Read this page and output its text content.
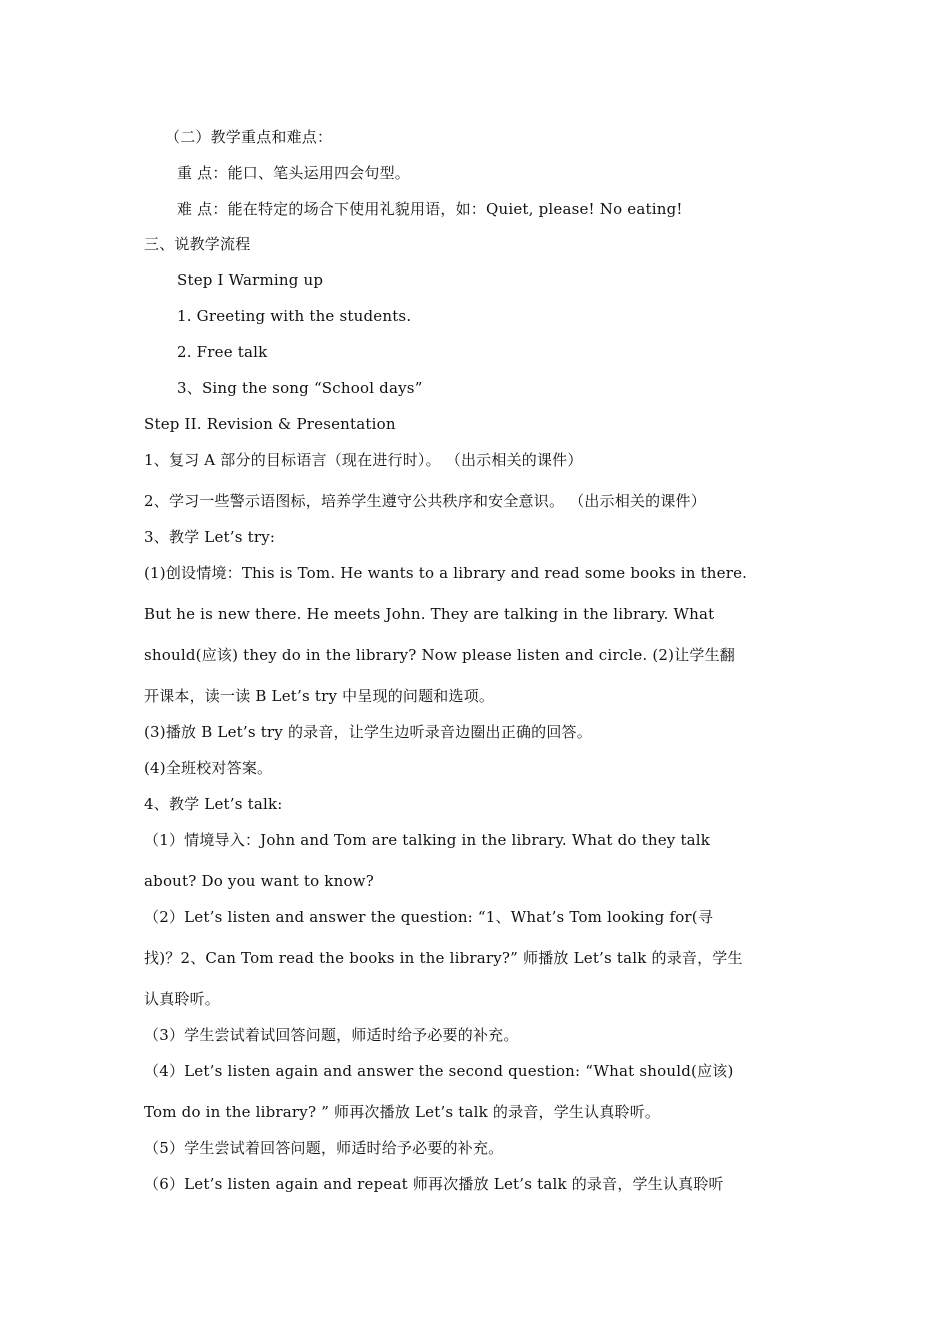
（二）教学重点和难点：
重 点：能口、笔头运用四会句型。
难 点：能在特定的场合下使用礼貌用语，如：Quiet, please! No eating!
三、说教学流程
Step I Warming up
1. Greeting with the students.
2. Free talk
3、Sing the song “School days”
Step II. Revision & Presentation
1、复习 A 部分的目标语言（现在进行时）。 （出示相关的课件）
2、学习一些警示语图标，培养学生遵守公共秩序和安全意识。 （出示相关的课件）
3、教学 Let’s try:
(1)创设情境：This is Tom. He wants to a library and read some books in there.
But he is new there. He meets John. They are talking in the library. What
should(应该) they do in the library? Now please listen and circle. (2)让学生翻
开课本，读一读 B Let’s try 中呈现的问题和选项。
(3)播放 B Let’s try 的录音，让学生边听录音边圈出正确的回答。
(4)全班校对答案。
4、教学 Let’s talk:
（1）情境导入：John and Tom are talking in the library. What do they talk
about? Do you want to know?
（2）Let’s listen and answer the question: “1、What’s Tom looking for(寻
找)？2、Can Tom read the books in the library?” 师播放 Let’s talk 的录音，学生
认真聆听。
（3）学生尝试着试回答问题，师适时给予必要的补充。
（4）Let’s listen again and answer the second question: “What should(应该)
Tom do in the library? ” 师再次播放 Let’s talk 的录音，学生认真聆听。
（5）学生尝试着回答问题，师适时给予必要的补充。
（6）Let’s listen again and repeat 师再次播放 Let’s talk 的录音，学生认真聆听
